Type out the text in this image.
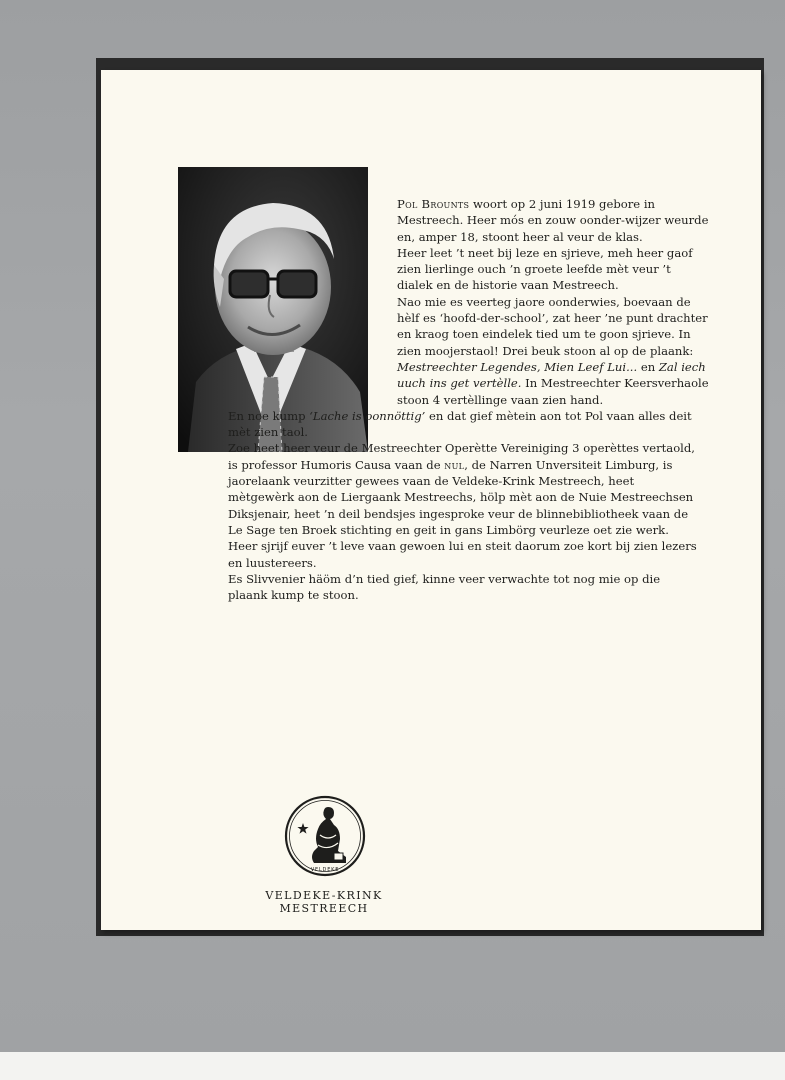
Pol Brounts woort op 2 juni 1919 gebore in Mestreech. Heer mós en zouw oonder-wijzer weurde en, amper 18, stoont heer al veur de klas.

Heer leet ’t neet bij leze en sjrieve, meh heer gaof zien lierlinge ouch ’n groete leefde mèt veur ’t dialek en de historie vaan Mestreech.

Nao mie es veerteg jaore oonderwies, boevaan de hèlf es ‘hoofd-der-school’, zat heer ’ne punt drachter en kraog toen eindelek tied um te goon sjrieve. In zien moojerstaol! Drei beuk stoon al op de plaank: Mestreechter Legendes, Mien Leef Lui... en Zal iech uuch ins get vertèlle. In Mestreechter Keersverhaole stoon 4 vertèllinge vaan zien hand.

En noe kump ‘Lache is oonnöttig’ en dat gief mètein aon tot Pol vaan alles deit mèt zien taol.

Zoe heet heer veur de Mestreechter Operètte Vereiniging 3 operèttes vertaold, is professor Humoris Causa vaan de nul, de Narren Unversiteit Limburg, is jaorelaank veurzitter gewees vaan de Veldeke-Krink Mestreech, heet mètgewèrk aon de Liergaank Mestreechs, hölp mèt aon de Nuie Mestreechsen Diksjenair, heet ’n deil bendsjes ingesproke veur de blinnebibliotheek vaan de Le Sage ten Broek stichting en geit in gans Limbörg veurleze oet zie werk.

Heer sjrijf euver ’t leve vaan gewoen lui en steit daorum zoe kort bij zien lezers en luustereers.

Es Slivvenier häöm d’n tied gief, kinne veer verwachte tot nog mie op die plaank kump te stoon.

VELDEKE
VELDEKE-KRINK MESTREECH
